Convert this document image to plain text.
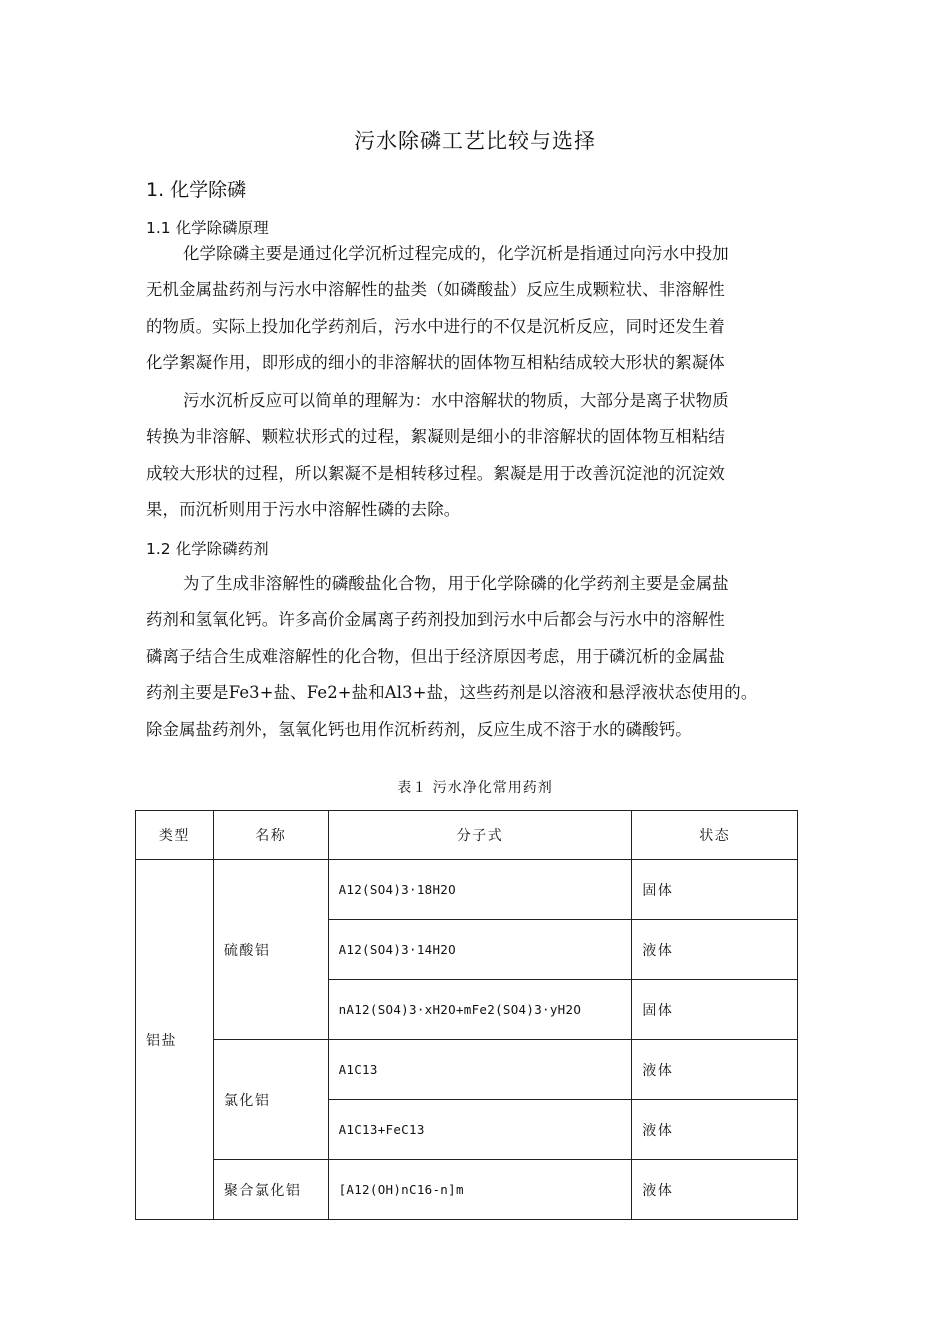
污水除磷工艺比较与选择
1. 化学除磷
1.1 化学除磷原理
化学除磷主要是通过化学沉析过程完成的，化学沉析是指通过向污水中投加
无机金属盐药剂与污水中溶解性的盐类（如磷酸盐）反应生成颗粒状、非溶解性
的物质。实际上投加化学药剂后，污水中进行的不仅是沉析反应，同时还发生着
化学絮凝作用，即形成的细小的非溶解状的固体物互相粘结成较大形状的絮凝体
污水沉析反应可以简单的理解为：水中溶解状的物质，大部分是离子状物质
转换为非溶解、颗粒状形式的过程，絮凝则是细小的非溶解状的固体物互相粘结
成较大形状的过程，所以絮凝不是相转移过程。絮凝是用于改善沉淀池的沉淀效
果，而沉析则用于污水中溶解性磷的去除。
1.2 化学除磷药剂
为了生成非溶解性的磷酸盐化合物，用于化学除磷的化学药剂主要是金属盐
药剂和氢氧化钙。许多高价金属离子药剂投加到污水中后都会与污水中的溶解性
磷离子结合生成难溶解性的化合物，但出于经济原因考虑，用于磷沉析的金属盐
药剂主要是Fe3+盐、Fe2+盐和Al3+盐，这些药剂是以溶液和悬浮液状态使用的。
除金属盐药剂外，氢氧化钙也用作沉析药剂，反应生成不溶于水的磷酸钙。
表１ 污水净化常用药剂
类型	名称	分子式	状态
铝盐	硫酸铝	A12(SO4)3·18H2O	固体
		A12(SO4)3·14H2O	液体
		nA12(SO4)3·xH2O+mFe2(SO4)3·yH2O	固体
	氯化铝	A1C13	液体
		A1C13+FeC13	液体
	聚合氯化铝	[A12(OH)nC16-n]m	液体
